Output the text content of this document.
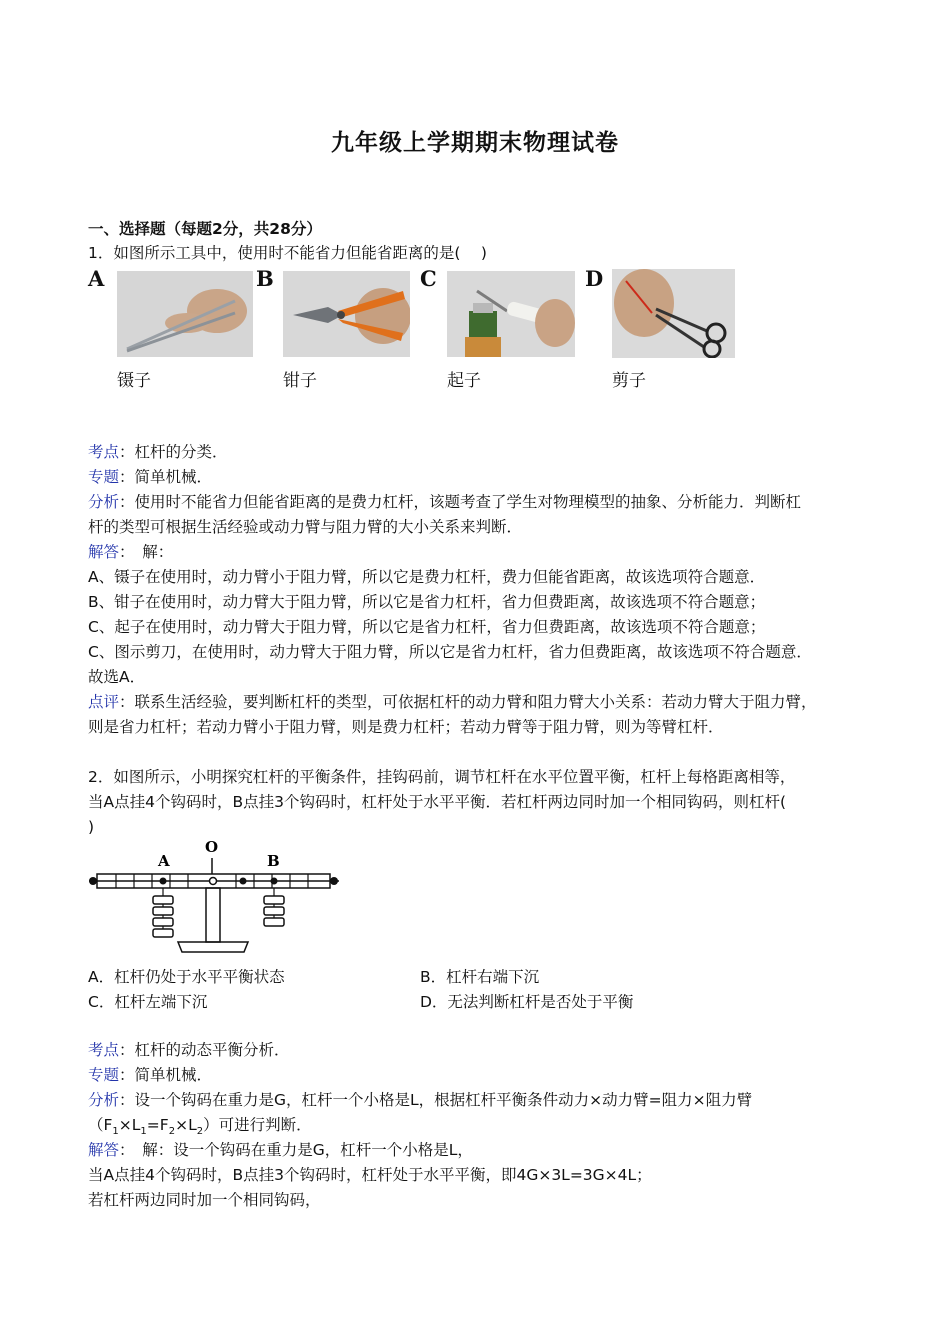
九年级上学期期末物理试卷
一、选择题（每题2分，共28分）
1．如图所示工具中，使用时不能省力但能省距离的是(　 )
A
镊子
B
钳子
C
起子
D
剪子
考点：杠杆的分类．
专题：简单机械．
分析：使用时不能省力但能省距离的是费力杠杆，该题考查了学生对物理模型的抽象、分析能力．判断杠
杆的类型可根据生活经验或动力臂与阻力臂的大小关系来判断．
解答：　解：
A、镊子在使用时，动力臂小于阻力臂，所以它是费力杠杆，费力但能省距离，故该选项符合题意．
B、钳子在使用时，动力臂大于阻力臂，所以它是省力杠杆，省力但费距离，故该选项不符合题意；
C、起子在使用时，动力臂大于阻力臂，所以它是省力杠杆，省力但费距离，故该选项不符合题意；
C、图示剪刀，在使用时，动力臂大于阻力臂，所以它是省力杠杆，省力但费距离，故该选项不符合题意．
故选A．
点评：联系生活经验，要判断杠杆的类型，可依据杠杆的动力臂和阻力臂大小关系：若动力臂大于阻力臂，
则是省力杠杆；若动力臂小于阻力臂，则是费力杠杆；若动力臂等于阻力臂，则为等臂杠杆．
2．如图所示，小明探究杠杆的平衡条件，挂钩码前，调节杠杆在水平位置平衡，杠杆上每格距离相等，
当A点挂4个钩码时，B点挂3个钩码时，杠杆处于水平平衡．若杠杆两边同时加一个相同钩码，则杠杆(
)
A
O
B
A．杠杆仍处于水平平衡状态	B．杠杆右端下沉
C．杠杆左端下沉	D．无法判断杠杆是否处于平衡
考点：杠杆的动态平衡分析．
专题：简单机械．
分析：设一个钩码在重力是G，杠杆一个小格是L，根据杠杆平衡条件动力×动力臂=阻力×阻力臂
$(F_1\times L_1=F_2\times L_2)$可进行判断．
解答：　解：设一个钩码在重力是G，杠杆一个小格是L，
当A点挂4个钩码时，B点挂3个钩码时，杠杆处于水平平衡，即4G×3L=3G×4L；
若杠杆两边同时加一个相同钩码，
